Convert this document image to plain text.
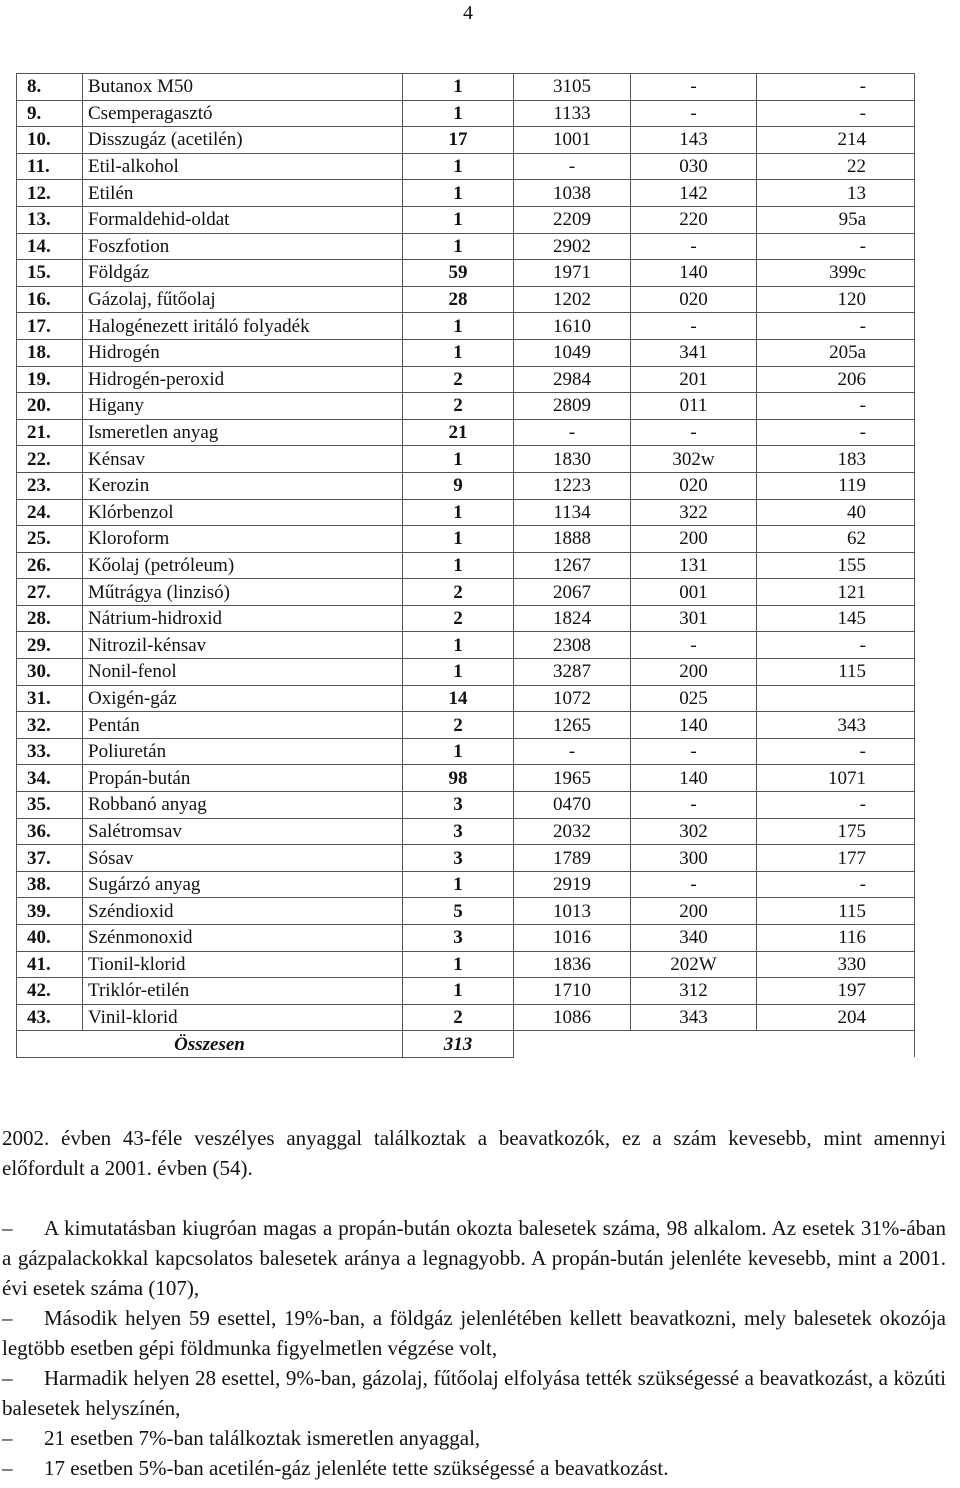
4
8.	Butanox M50	1	3105	-	-
9.	Csemperagasztó	1	1133	-	-
10.	Disszugáz (acetilén)	17	1001	143	214
11.	Etil-alkohol	1	-	030	22
12.	Etilén	1	1038	142	13
13.	Formaldehid-oldat	1	2209	220	95a
14.	Foszfotion	1	2902	-	-
15.	Földgáz	59	1971	140	399c
16.	Gázolaj, fűtőolaj	28	1202	020	120
17.	Halogénezett iritáló folyadék	1	1610	-	-
18.	Hidrogén	1	1049	341	205a
19.	Hidrogén-peroxid	2	2984	201	206
20.	Higany	2	2809	011	-
21.	Ismeretlen anyag	21	-	-	-
22.	Kénsav	1	1830	302w	183
23.	Kerozin	9	1223	020	119
24.	Klórbenzol	1	1134	322	40
25.	Kloroform	1	1888	200	62
26.	Kőolaj (petróleum)	1	1267	131	155
27.	Műtrágya (linzisó)	2	2067	001	121
28.	Nátrium-hidroxid	2	1824	301	145
29.	Nitrozil-kénsav	1	2308	-	-
30.	Nonil-fenol	1	3287	200	115
31.	Oxigén-gáz	14	1072	025	
32.	Pentán	2	1265	140	343
33.	Poliuretán	1	-	-	-
34.	Propán-bután	98	1965	140	1071
35.	Robbanó anyag	3	0470	-	-
36.	Salétromsav	3	2032	302	175
37.	Sósav	3	1789	300	177
38.	Sugárzó anyag	1	2919	-	-
39.	Széndioxid	5	1013	200	115
40.	Szénmonoxid	3	1016	340	116
41.	Tionil-klorid	1	1836	202W	330
42.	Triklór-etilén	1	1710	312	197
43.	Vinil-klorid	2	1086	343	204
Összesen		313			
2002. évben 43-féle veszélyes anyaggal találkoztak a beavatkozók, ez a szám kevesebb, mint amennyi előfordult a 2001. évben (54).
– A kimutatásban kiugróan magas a propán-bután okozta balesetek száma, 98 alkalom. Az esetek 31%-ában a gázpalackokkal kapcsolatos balesetek aránya a legnagyobb. A propán-bután jelenléte kevesebb, mint a 2001. évi esetek száma (107),
– Második helyen 59 esettel, 19%-ban, a földgáz jelenlétében kellett beavatkozni, mely balesetek okozója legtöbb esetben gépi földmunka figyelmetlen végzése volt,
– Harmadik helyen 28 esettel, 9%-ban, gázolaj, fűtőolaj elfolyása tették szükségessé a beavatkozást, a közúti balesetek helyszínén,
– 21 esetben 7%-ban találkoztak ismeretlen anyaggal,
– 17 esetben 5%-ban acetilén-gáz jelenléte tette szükségessé a beavatkozást.
